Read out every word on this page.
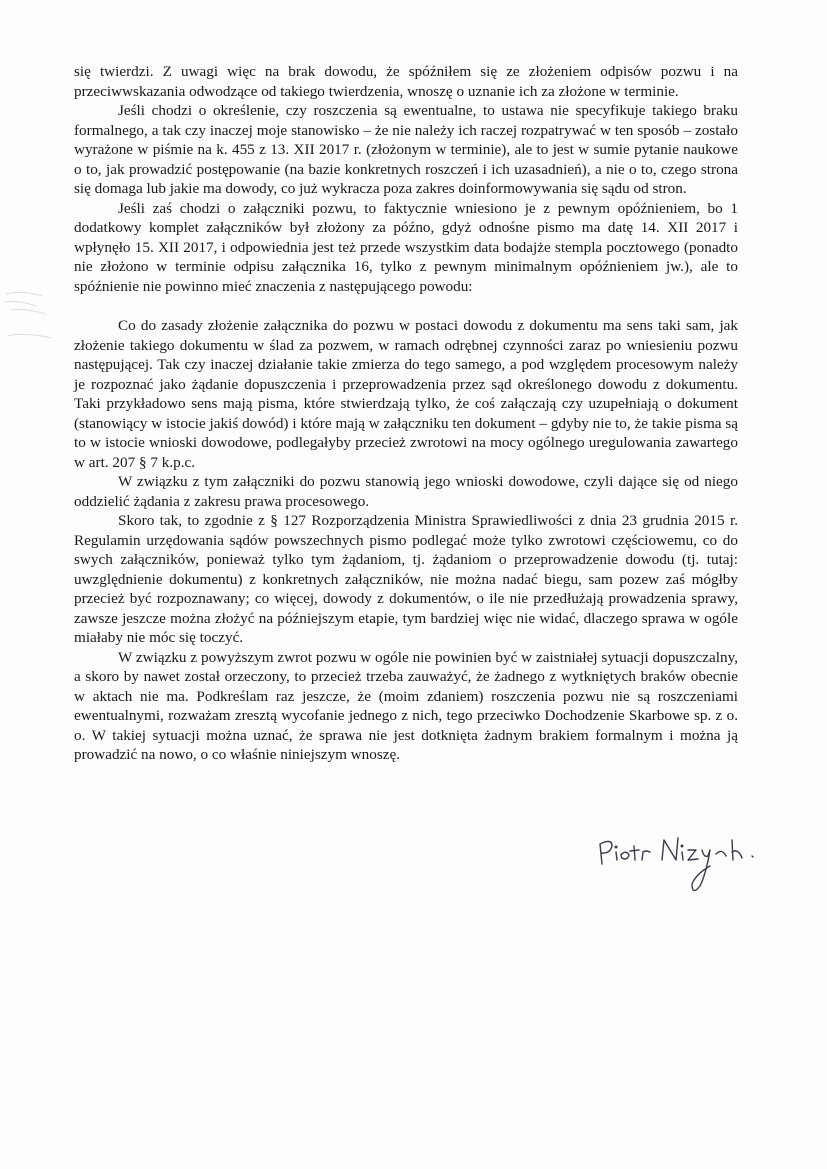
się twierdzi. Z uwagi więc na brak dowodu, że spóźniłem się ze złożeniem odpisów pozwu i na przeciwwskazania odwodzące od takiego twierdzenia, wnoszę o uznanie ich za złożone w terminie.

Jeśli chodzi o określenie, czy roszczenia są ewentualne, to ustawa nie specyfikuje takiego braku formalnego, a tak czy inaczej moje stanowisko – że nie należy ich raczej rozpatrywać w ten sposób – zostało wyrażone w piśmie na k. 455 z 13. XII 2017 r. (złożonym w terminie), ale to jest w sumie pytanie naukowe o to, jak prowadzić postępowanie (na bazie konkretnych roszczeń i ich uzasadnień), a nie o to, czego strona się domaga lub jakie ma dowody, co już wykracza poza zakres doinformowywania się sądu od stron.

Jeśli zaś chodzi o załączniki pozwu, to faktycznie wniesiono je z pewnym opóźnieniem, bo 1 dodatkowy komplet załączników był złożony za późno, gdyż odnośne pismo ma datę 14. XII 2017 i wpłynęło 15. XII 2017, i odpowiednia jest też przede wszystkim data bodajże stempla pocztowego (ponadto nie złożono w terminie odpisu załącznika 16, tylko z pewnym minimalnym opóźnieniem jw.), ale to spóźnienie nie powinno mieć znaczenia z następującego powodu:

Co do zasady złożenie załącznika do pozwu w postaci dowodu z dokumentu ma sens taki sam, jak złożenie takiego dokumentu w ślad za pozwem, w ramach odrębnej czynności zaraz po wniesieniu pozwu następującej. Tak czy inaczej działanie takie zmierza do tego samego, a pod względem procesowym należy je rozpoznać jako żądanie dopuszczenia i przeprowadzenia przez sąd określonego dowodu z dokumentu. Taki przykładowo sens mają pisma, które stwierdzają tylko, że coś załączają czy uzupełniają o dokument (stanowiący w istocie jakiś dowód) i które mają w załączniku ten dokument – gdyby nie to, że takie pisma są to w istocie wnioski dowodowe, podlegałyby przecież zwrotowi na mocy ogólnego uregulowania zawartego w art. 207 § 7 k.p.c.

W związku z tym załączniki do pozwu stanowią jego wnioski dowodowe, czyli dające się od niego oddzielić żądania z zakresu prawa procesowego.

Skoro tak, to zgodnie z § 127 Rozporządzenia Ministra Sprawiedliwości z dnia 23 grudnia 2015 r. Regulamin urzędowania sądów powszechnych pismo podlegać może tylko zwrotowi częściowemu, co do swych załączników, ponieważ tylko tym żądaniom, tj. żądaniom o przeprowadzenie dowodu (tj. tutaj: uwzględnienie dokumentu) z konkretnych załączników, nie można nadać biegu, sam pozew zaś mógłby przecież być rozpoznawany; co więcej, dowody z dokumentów, o ile nie przedłużają prowadzenia sprawy, zawsze jeszcze można złożyć na późniejszym etapie, tym bardziej więc nie widać, dlaczego sprawa w ogóle miałaby nie móc się toczyć.

W związku z powyższym zwrot pozwu w ogóle nie powinien być w zaistniałej sytuacji dopuszczalny, a skoro by nawet został orzeczony, to przecież trzeba zauważyć, że żadnego z wytkniętych braków obecnie w aktach nie ma. Podkreślam raz jeszcze, że (moim zdaniem) roszczenia pozwu nie są roszczeniami ewentualnymi, rozważam zresztą wycofanie jednego z nich, tego przeciwko Dochodzenie Skarbowe sp. z o. o. W takiej sytuacji można uznać, że sprawa nie jest dotknięta żadnym brakiem formalnym i można ją prowadzić na nowo, o co właśnie niniejszym wnoszę.
